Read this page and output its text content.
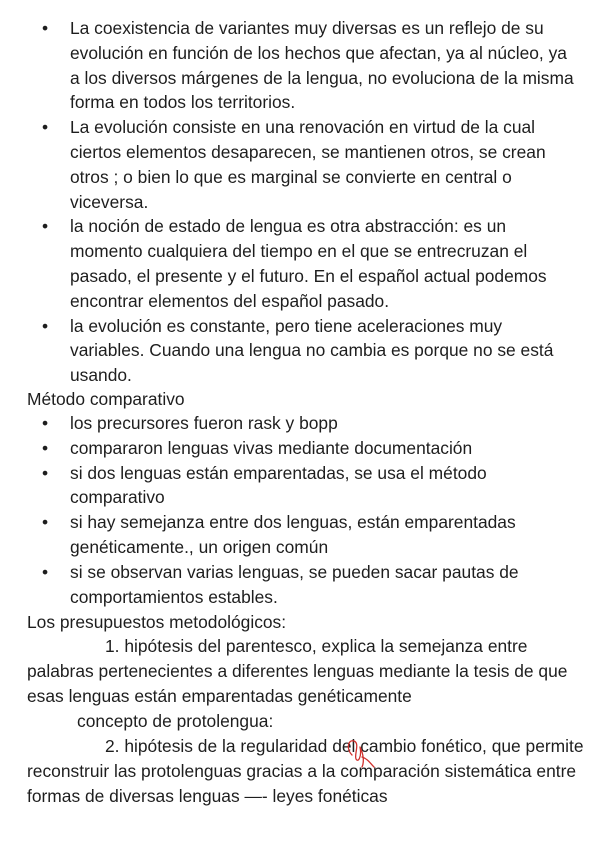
• La coexistencia de variantes muy diversas es un reflejo de su evolución en función de los hechos que afectan, ya al núcleo, ya a los diversos márgenes de la lengua, no evoluciona de la misma forma en todos los territorios.
• La evolución consiste en una renovación en virtud de la cual ciertos elementos desaparecen, se mantienen otros, se crean otros ; o bien lo que es marginal se convierte en central o viceversa.
• la noción de estado de lengua es otra abstracción: es un momento cualquiera del tiempo en el que se entrecruzan el pasado, el presente y el futuro. En el español actual podemos encontrar elementos del español pasado.
• la evolución es constante, pero tiene aceleraciones muy variables. Cuando una lengua no cambia es porque no se está usando.
Método comparativo
• los precursores fueron rask y bopp
• compararon lenguas vivas mediante documentación
• si dos lenguas están emparentadas, se usa el método comparativo
• si hay semejanza entre dos lenguas, están emparentadas genéticamente., un origen común
• si se observan varias lenguas, se pueden sacar pautas de comportamientos estables.
Los presupuestos metodológicos:

1. hipótesis del parentesco, explica la semejanza entre palabras pertenecientes a diferentes lenguas mediante la tesis de que esas lenguas están emparentadas genéticamente

concepto de protolengua:

2. hipótesis de la regularidad del cambio fonético, que permite reconstruir las protolenguas gracias a la comparación sistemática entre formas de diversas lenguas —- leyes fonéticas
